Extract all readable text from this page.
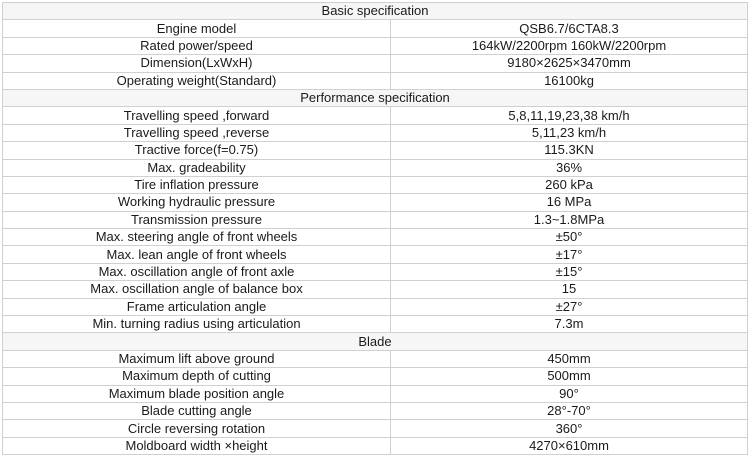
Basic specification	
Engine model	QSB6.7/6CTA8.3
Rated power/speed	164kW/2200rpm 160kW/2200rpm
Dimension(LxWxH)	9180×2625×3470mm
Operating weight(Standard)	16100kg
Performance specification	
Travelling speed ,forward	5,8,11,19,23,38 km/h
Travelling speed ,reverse	5,11,23 km/h
Tractive force(f=0.75)	115.3KN
Max. gradeability	36%
Tire inflation pressure	260 kPa
Working hydraulic pressure	16 MPa
Transmission pressure	1.3~1.8MPa
Max. steering angle of front wheels	±50°
Max. lean angle of front wheels	±17°
Max. oscillation angle of front axle	±15°
Max. oscillation angle of balance box	15
Frame articulation angle	±27°
Min. turning radius using articulation	7.3m
Blade	
Maximum lift above ground	450mm
Maximum depth of cutting	500mm
Maximum blade position angle	90°
Blade cutting angle	28°-70°
Circle reversing rotation	360°
Moldboard width ×height	4270×610mm
